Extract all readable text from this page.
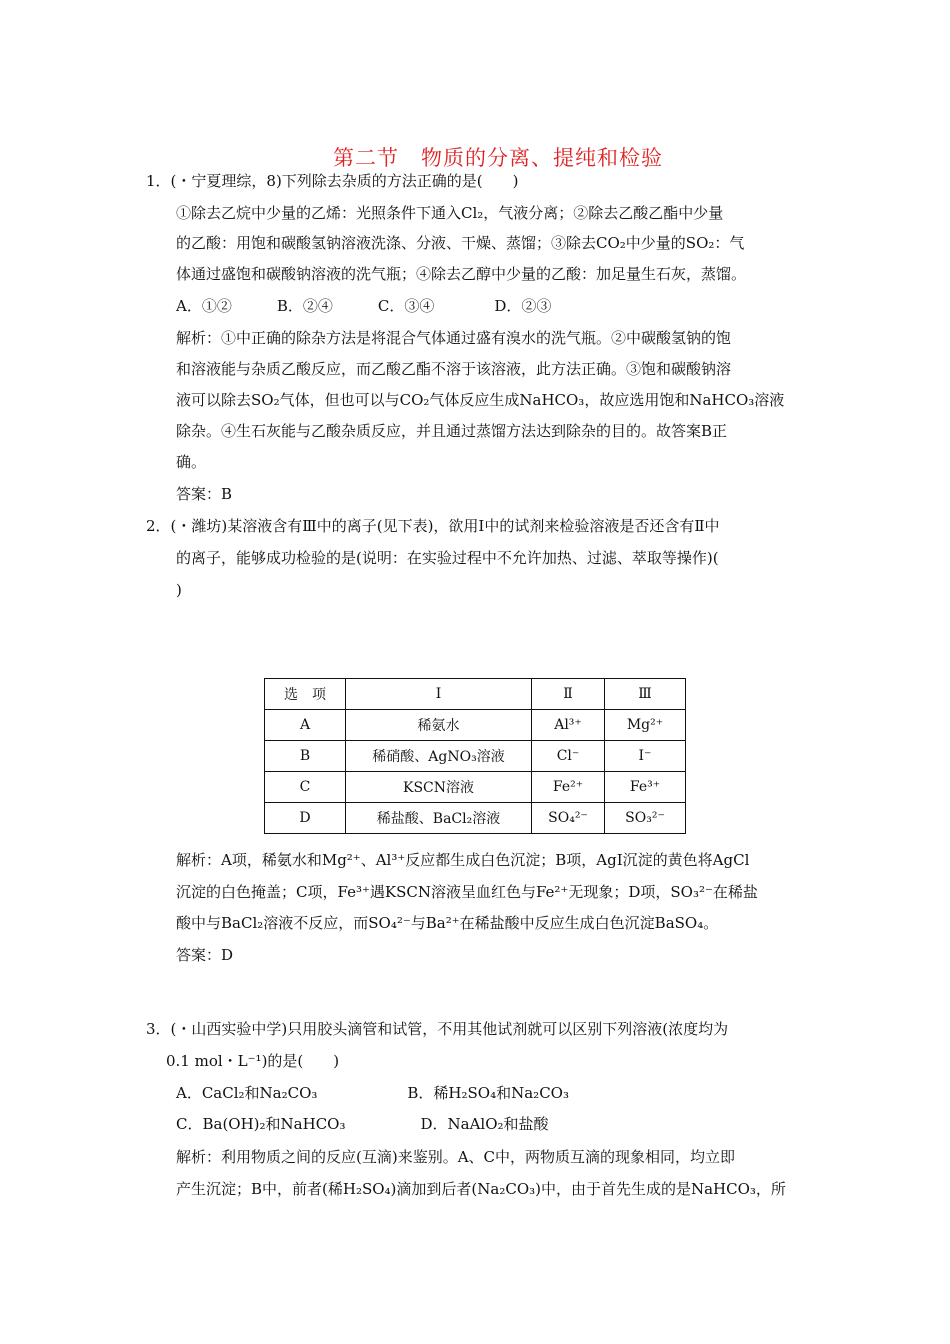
第二节　物质的分离、提纯和检验
1．(・宁夏理综，8)下列除去杂质的方法正确的是(　　)
①除去乙烷中少量的乙烯：光照条件下通入Cl₂，气液分离；②除去乙酸乙酯中少量
的乙酸：用饱和碳酸氢钠溶液洗涤、分液、干燥、蒸馏；③除去CO₂中少量的SO₂：气
体通过盛饱和碳酸钠溶液的洗气瓶；④除去乙醇中少量的乙酸：加足量生石灰，蒸馏。
A．①②　　　B．②④　　　C．③④　　　　D．②③
解析：①中正确的除杂方法是将混合气体通过盛有溴水的洗气瓶。②中碳酸氢钠的饱
和溶液能与杂质乙酸反应，而乙酸乙酯不溶于该溶液，此方法正确。③饱和碳酸钠溶
液可以除去SO₂气体，但也可以与CO₂气体反应生成NaHCO₃，故应选用饱和NaHCO₃溶液
除杂。④生石灰能与乙酸杂质反应，并且通过蒸馏方法达到除杂的目的。故答案B正
确。
答案：B
2．(・潍坊)某溶液含有Ⅲ中的离子(见下表)，欲用Ⅰ中的试剂来检验溶液是否还含有Ⅱ中
的离子，能够成功检验的是(说明：在实验过程中不允许加热、过滤、萃取等操作)(
)
选　项	Ⅰ	Ⅱ	Ⅲ
A	稀氨水	Al³⁺	Mg²⁺
B	稀硝酸、AgNO₃溶液	Cl⁻	I⁻
C	KSCN溶液	Fe²⁺	Fe³⁺
D	稀盐酸、BaCl₂溶液	SO₄²⁻	SO₃²⁻
解析：A项，稀氨水和Mg²⁺、Al³⁺反应都生成白色沉淀；B项，AgI沉淀的黄色将AgCl
沉淀的白色掩盖；C项，Fe³⁺遇KSCN溶液呈血红色与Fe²⁺无现象；D项，SO₃²⁻在稀盐
酸中与BaCl₂溶液不反应，而SO₄²⁻与Ba²⁺在稀盐酸中反应生成白色沉淀BaSO₄。
答案：D
3．(・山西实验中学)只用胶头滴管和试管，不用其他试剂就可以区别下列溶液(浓度均为
0.1 mol・L⁻¹)的是(　　)
A．CaCl₂和Na₂CO₃　　　　　　B．稀H₂SO₄和Na₂CO₃
C．Ba(OH)₂和NaHCO₃　　　　　D．NaAlO₂和盐酸
解析：利用物质之间的反应(互滴)来鉴别。A、C中，两物质互滴的现象相同，均立即
产生沉淀；B中，前者(稀H₂SO₄)滴加到后者(Na₂CO₃)中，由于首先生成的是NaHCO₃，所
